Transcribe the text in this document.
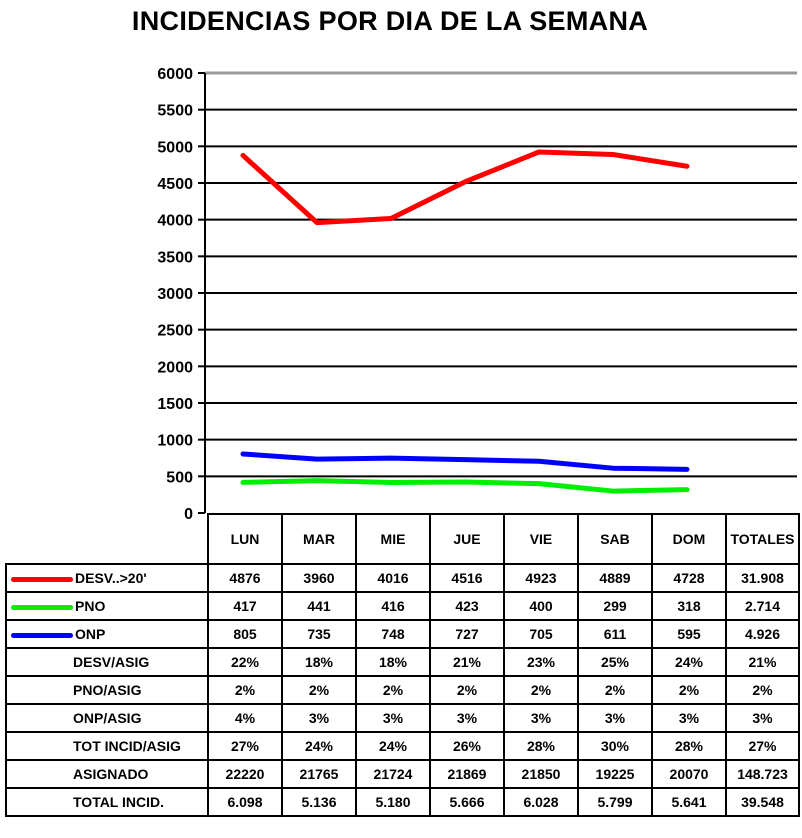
INCIDENCIAS POR DIA DE LA SEMANA
0
500
1000
1500
2000
2500
3000
3500
4000
4500
5000
5500
6000
	LUN	MAR	MIE	JUE	VIE	SAB	DOM	TOTALES
DESV..>20'	4876	3960	4016	4516	4923	4889	4728	31.908
PNO	417	441	416	423	400	299	318	2.714
ONP	805	735	748	727	705	611	595	4.926
DESV/ASIG	22%	18%	18%	21%	23%	25%	24%	21%
PNO/ASIG	2%	2%	2%	2%	2%	2%	2%	2%
ONP/ASIG	4%	3%	3%	3%	3%	3%	3%	3%
TOT INCID/ASIG	27%	24%	24%	26%	28%	30%	28%	27%
ASIGNADO	22220	21765	21724	21869	21850	19225	20070	148.723
TOTAL INCID.	6.098	5.136	5.180	5.666	6.028	5.799	5.641	39.548
